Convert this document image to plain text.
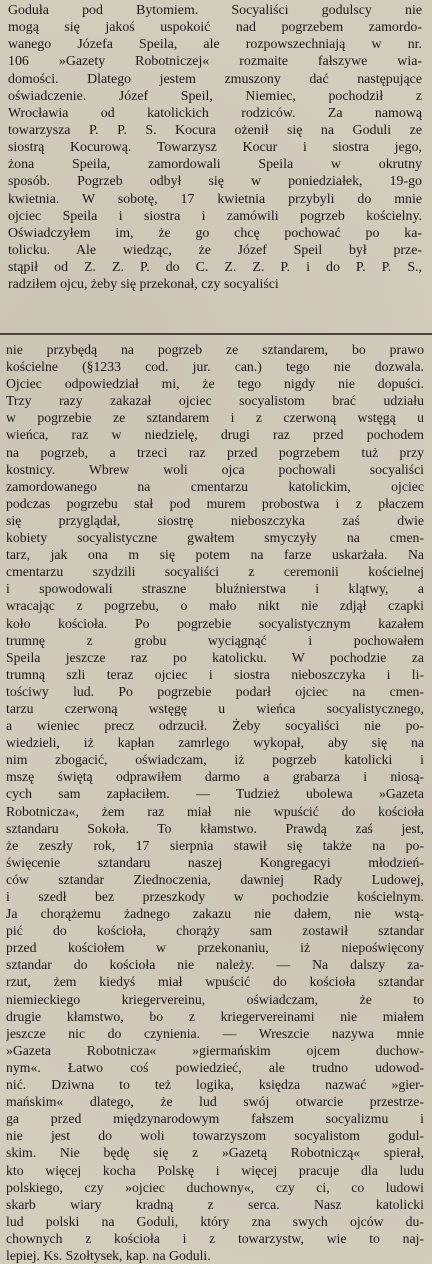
Goduła pod Bytomiem. Socyaliści godulscy nie
mogą się jakoś uspokoić nad pogrzebem zamordo-
wanego Józefa Speila, ale rozpowszechniają w nr.
106 »Gazety Robotniczej« rozmaite fałszywe wia-
domości. Dlatego jestem zmuszony dać następujące
oświadczenie. Józef Speil, Niemiec, pochodził z
Wrocławia od katolickich rodziców. Za namową
towarzysza P. P. S. Kocura ożenił się na Goduli ze
siostrą Kocurową. Towarzysz Kocur i siostra jego,
żona Speila, zamordowali Speila w okrutny
sposób. Pogrzeb odbył się w poniedziałek, 19-go
kwietnia. W sobotę, 17 kwietnia przybyli do mnie
ojciec Speila i siostra i zamówili pogrzeb kościelny.
Oświadczyłem im, że go chcę pochować po ka-
tolicku. Ale wiedząc, że Józef Speil był prze-
stąpił od Z. Z. P. do C. Z. Z. P. i do P. P. S.,
radziłem ojcu, żeby się przekonał, czy socyaliści
nie przybędą na pogrzeb ze sztandarem, bo prawo
kościelne (§1233 cod. jur. can.) tego nie dozwala.
Ojciec odpowiedział mi, że tego nigdy nie dopuści.
Trzy razy zakazał ojciec socyalistom brać udziału
w pogrzebie ze sztandarem i z czerwoną wstęgą u
wieńca, raz w niedzielę, drugi raz przed pochodem
na pogrzeb, a trzeci raz przed pogrzebem tuż przy
kostnicy. Wbrew woli ojca pochowali socyaliści
zamordowanego na cmentarzu katolickim, ojciec
podczas pogrzebu stał pod murem probostwa i z płaczem
się przyglądał, siostrę nieboszczyka zaś dwie
kobiety socyalistyczne gwałtem smyczyły na cmen-
tarz, jak ona m się potem na farze uskarżała. Na
cmentarzu szydzili socyaliści z ceremonii kościelnej
i spowodowali straszne bluźnierstwa i klątwy, a
wracając z pogrzebu, o mało nikt nie zdjął czapki
koło kościoła. Po pogrzebie socyalistycznym kazałem
trumnę z grobu wyciągnąć i pochowałem
Speila jeszcze raz po katolicku. W pochodzie za
trumną szli teraz ojciec i siostra nieboszczyka i li-
tościwy lud. Po pogrzebie podarł ojciec na cmen-
tarzu czerwoną wstęgę u wieńca socyalistycznego,
a wieniec precz odrzucił. Żeby socyaliści nie po-
wiedzieli, iż kapłan zamrlego wykopał, aby się na
nim zbogacić, oświadczam, iż pogrzeb katolicki i
mszę świętą odprawiłem darmo a grabarza i niosą-
cych sam zapłaciłem. — Tudzież ubolewa »Gazeta
Robotnicza«, żem raz miał nie wpuścić do kościoła
sztandaru Sokoła. To kłamstwo. Prawdą zaś jest,
że zeszły rok, 17 sierpnia stawił się także na po-
święcenie sztandaru naszej Kongregacyi młodzień-
ców sztandar Ziednoczenia, dawniej Rady Ludowej,
i szedł bez przeszkody w pochodzie kościelnym.
Ja chorążemu żadnego zakazu nie dałem, nie wstą-
pić do kościoła, chorąży sam zostawił sztandar
przed kościołem w przekonaniu, iż niepoświęcony
sztandar do kościoła nie należy. — Na dalszy za-
rzut, żem kiedyś miał wpuścić do kościoła sztandar
niemieckiego kriegervereinu, oświadczam, że to
drugie kłamstwo, bo z kriegervereinami nie miałem
jeszcze nic do czynienia. — Wreszcie nazywa mnie
»Gazeta Robotnicza« »giermańskim ojcem duchow-
nym«. Łatwo coś powiedzieć, ale trudno udowod-
nić. Dziwna to też logika, księdza nazwać »gier-
mańskim« dlatego, że lud swój otwarcie przestrze-
ga przed międzynarodowym fałszem socyalizmu i
nie jest do woli towarzyszom socyalistom godul-
skim. Nie będę się z »Gazetą Robotniczą« spierał,
kto więcej kocha Polskę i więcej pracuje dla ludu
polskiego, czy »ojciec duchowny«, czy ci, co ludowi
skarb wiary kradną z serca. Nasz katolicki
lud polski na Goduli, który zna swych ojców du-
chownych z kościoła i z towarzystw, wie to naj-
lepiej. Ks. Szołtysek, kap. na Goduli.
